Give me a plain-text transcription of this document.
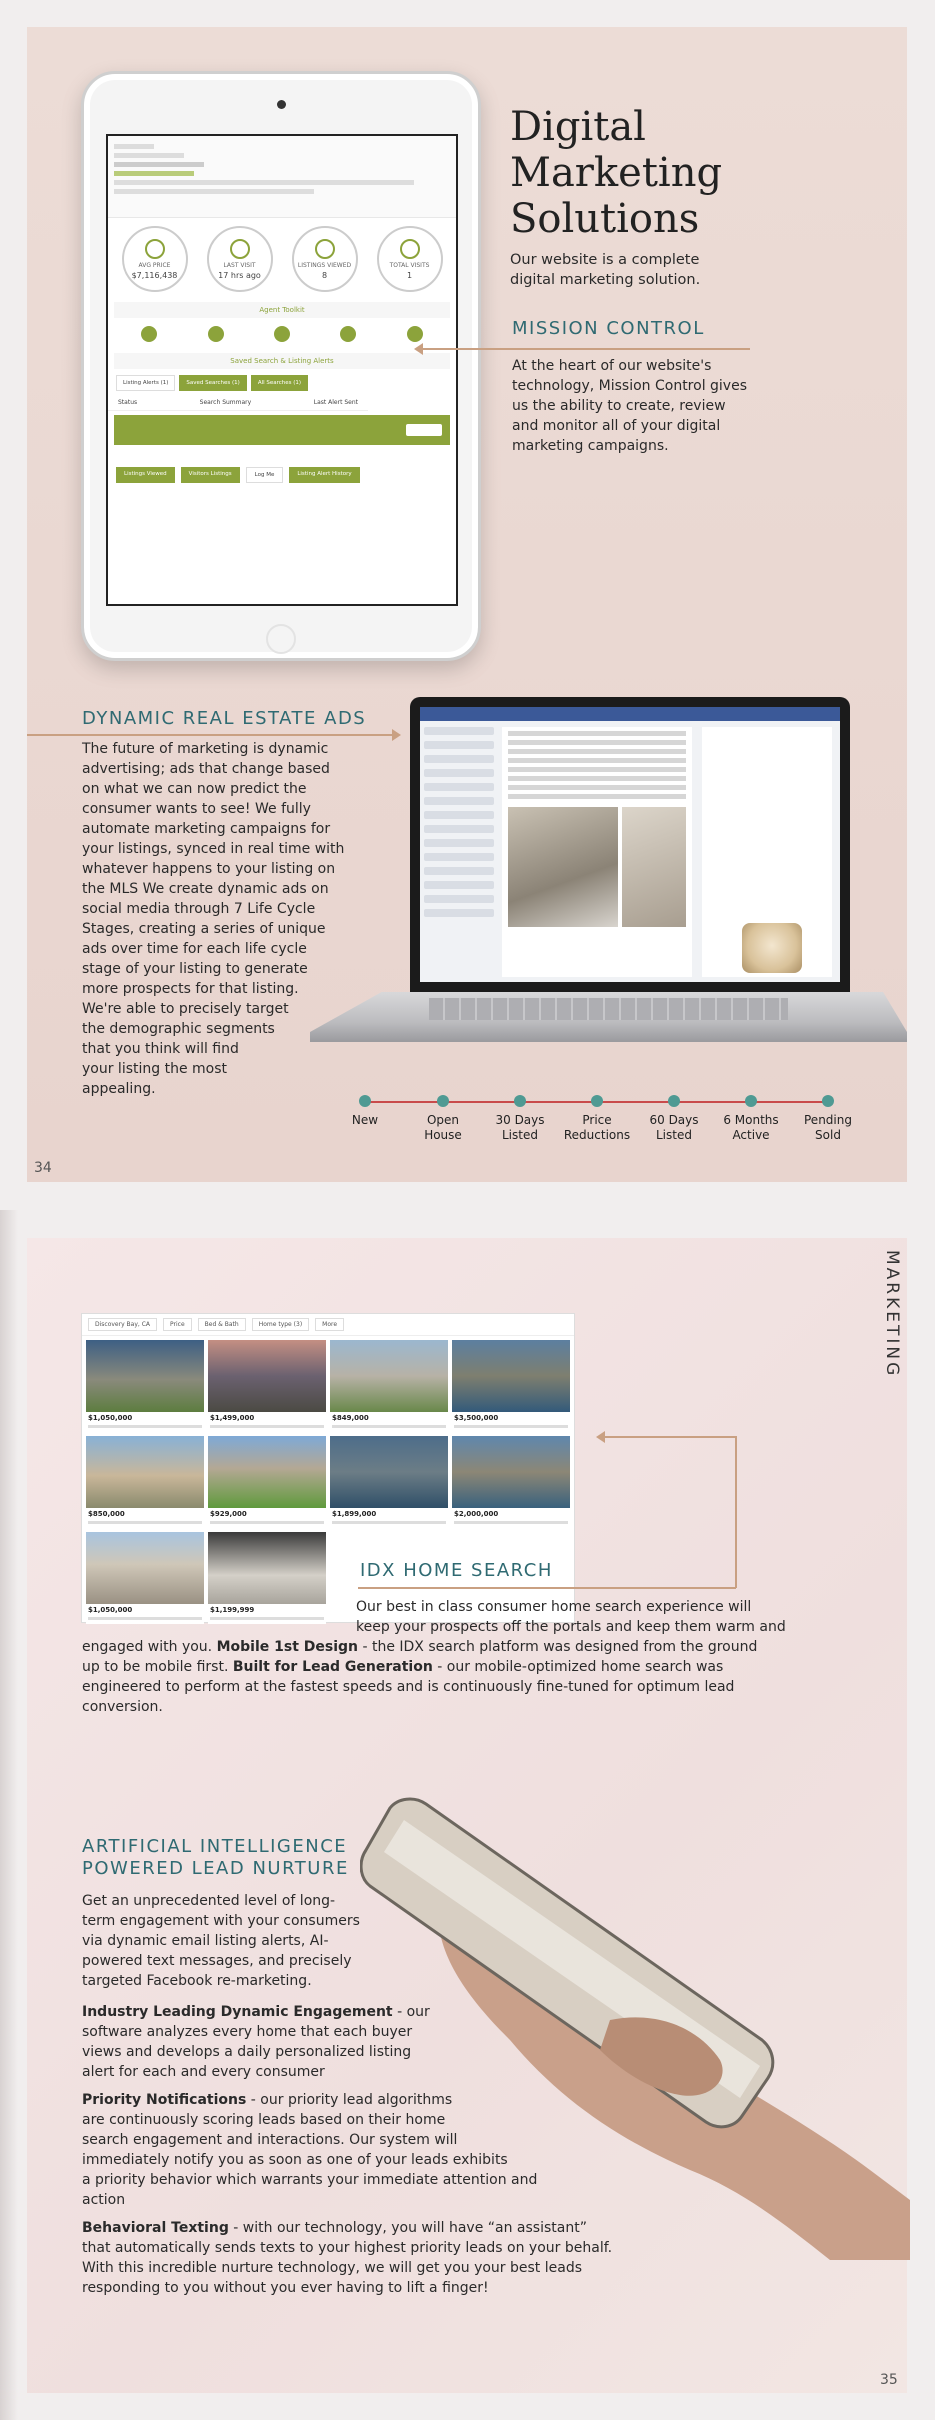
AVG PRICE
$7,116,438
LAST VISIT
17 hrs ago
LISTINGS VIEWED
8
TOTAL VISITS
1
Agent Toolkit
Saved Search & Listing Alerts
Listing Alerts (1)	Saved Searches (1)	All Searches (1)
Status	Search Summary	Last Alert Sent
Listings Viewed	Visitors Listings	Log Me	Listing Alert History
Digital
Marketing
Solutions
Our website is a complete digital marketing solution.
MISSION CONTROL
At the heart of our website's technology, Mission Control gives us the ability to create, review and monitor all of your digital marketing campaigns.
DYNAMIC REAL ESTATE ADS
The future of marketing is dynamic
advertising; ads that change based
on what we can now predict the
consumer wants to see! We fully
automate marketing campaigns for
your listings, synced in real time with
whatever happens to your listing on
the MLS We create dynamic ads on
social media through 7 Life Cycle
Stages, creating a series of unique
ads over time for each life cycle
stage of your listing to generate
more prospects for that listing.
We're able to precisely target
the demographic segments
that you think will find
your listing the most
appealing.
New	Open
House
30 Days
Listed
Price
Reductions
60 Days
Listed
6 Months
Active
Pending
Sold
34
MARKETING
Discovery Bay, CA	Price	Bed & Bath	Home type (3)	More
$1,050,000	$1,499,000	$849,000	$3,500,000
$850,000	$929,000	$1,899,000	$2,000,000
$1,050,000	$1,199,999
IDX HOME SEARCH
Our best in class consumer home search experience will
keep your prospects off the portals and keep them warm and
engaged with you. Mobile 1st Design - the IDX search platform was designed from the ground
up to be mobile first. Built for Lead Generation - our mobile-optimized home search was
engineered to perform at the fastest speeds and is continuously fine-tuned for optimum lead
conversion.
ARTIFICIAL INTELLIGENCE
POWERED LEAD NURTURE
Get an unprecedented level of long-
term engagement with your consumers
via dynamic email listing alerts, AI-
powered text messages, and precisely
targeted Facebook re-marketing.
Industry Leading Dynamic Engagement - our
software analyzes every home that each buyer
views and develops a daily personalized listing
alert for each and every consumer
Priority Notifications - our priority lead algorithms
are continuously scoring leads based on their home
search engagement and interactions. Our system will
immediately notify you as soon as one of your leads exhibits
a priority behavior which warrants your immediate attention and
action
Behavioral Texting - with our technology, you will have “an assistant”
that automatically sends texts to your highest priority leads on your behalf.
With this incredible nurture technology, we will get you your best leads
responding to you without you ever having to lift a finger!
35
